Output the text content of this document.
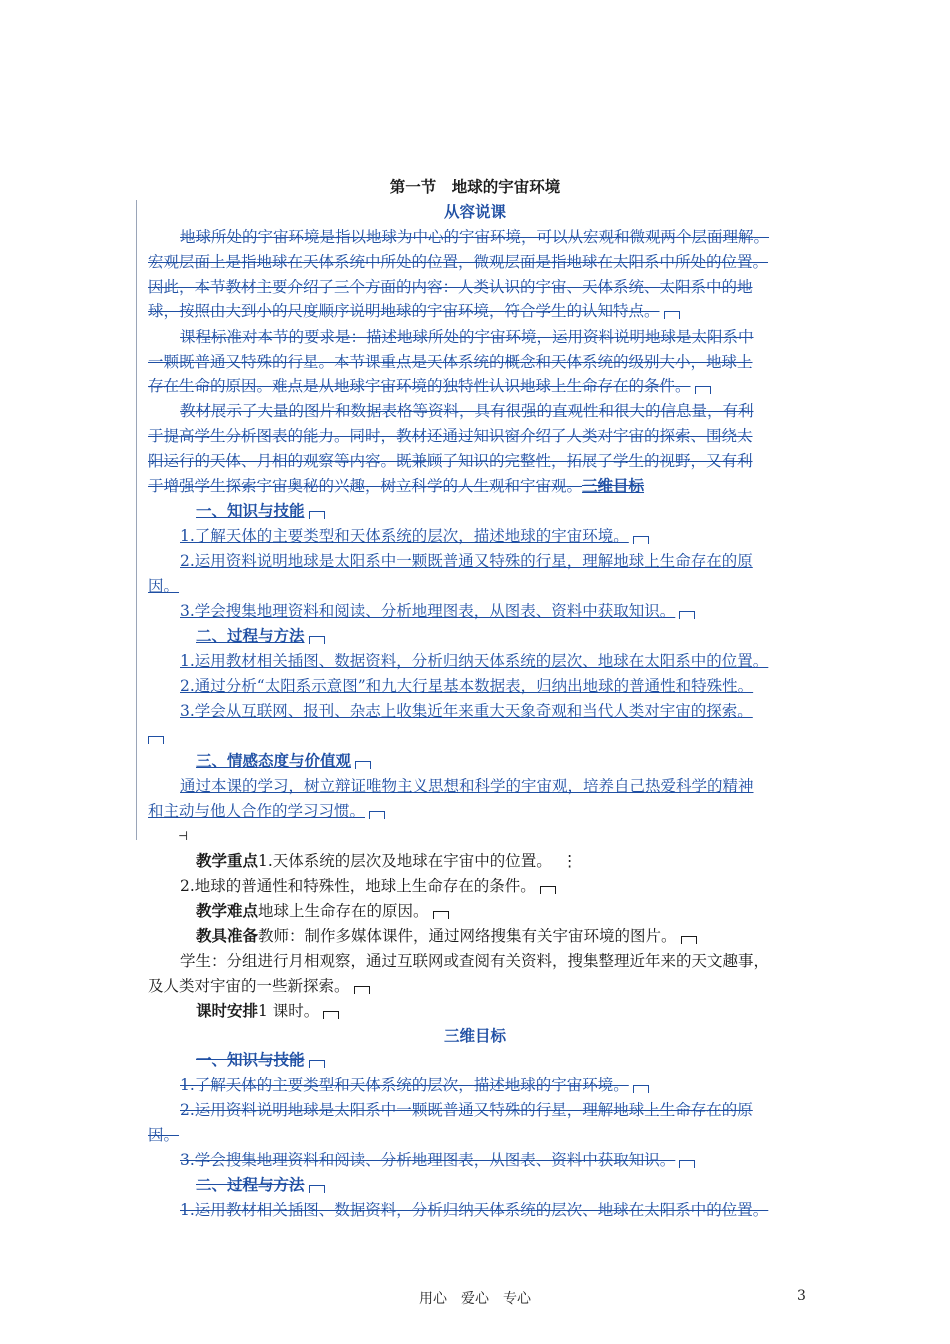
第一节　地球的宇宙环境
从容说课
地球所处的宇宙环境是指以地球为中心的宇宙环境，可以从宏观和微观两个层面理解。
宏观层面上是指地球在天体系统中所处的位置，微观层面是指地球在太阳系中所处的位置。
因此，本节教材主要介绍了三个方面的内容：人类认识的宇宙、天体系统、太阳系中的地
球，按照由大到小的尺度顺序说明地球的宇宙环境，符合学生的认知特点。
课程标准对本节的要求是：描述地球所处的宇宙环境，运用资料说明地球是太阳系中
一颗既普通又特殊的行星。本节课重点是天体系统的概念和天体系统的级别大小，地球上
存在生命的原因。难点是从地球宇宙环境的独特性认识地球上生命存在的条件。
教材展示了大量的图片和数据表格等资料，具有很强的直观性和很大的信息量，有利
于提高学生分析图表的能力。同时，教材还通过知识窗介绍了人类对宇宙的探索、围绕太
阳运行的天体、月相的观察等内容。既兼顾了知识的完整性，拓展了学生的视野，又有利
于增强学生探索宇宙奥秘的兴趣，树立科学的人生观和宇宙观。三维目标
一、知识与技能
1.了解天体的主要类型和天体系统的层次，描述地球的宇宙环境。
2.运用资料说明地球是太阳系中一颗既普通又特殊的行星，理解地球上生命存在的原
因。
3.学会搜集地理资料和阅读、分析地理图表，从图表、资料中获取知识。
二、过程与方法
1.运用教材相关插图、数据资料，分析归纳天体系统的层次、地球在太阳系中的位置。
2.通过分析“太阳系示意图”和九大行星基本数据表，归纳出地球的普通性和特殊性。
3.学会从互联网、报刊、杂志上收集近年来重大天象奇观和当代人类对宇宙的探索。
三、情感态度与价值观
通过本课的学习，树立辩证唯物主义思想和科学的宇宙观，培养自己热爱科学的精神
和主动与他人合作的学习习惯。
⊣
教学重点1.天体系统的层次及地球在宇宙中的位置。 ⋮
2.地球的普通性和特殊性，地球上生命存在的条件。
教学难点地球上生命存在的原因。
教具准备教师：制作多媒体课件，通过网络搜集有关宇宙环境的图片。
学生：分组进行月相观察，通过互联网或查阅有关资料，搜集整理近年来的天文趣事，
及人类对宇宙的一些新探索。
课时安排1 课时。
三维目标
一、知识与技能
1.了解天体的主要类型和天体系统的层次，描述地球的宇宙环境。
2.运用资料说明地球是太阳系中一颗既普通又特殊的行星，理解地球上生命存在的原
因。
3.学会搜集地理资料和阅读、分析地理图表，从图表、资料中获取知识。
二、过程与方法
1.运用教材相关插图、数据资料，分析归纳天体系统的层次、地球在太阳系中的位置。
用心　爱心　专心	3
